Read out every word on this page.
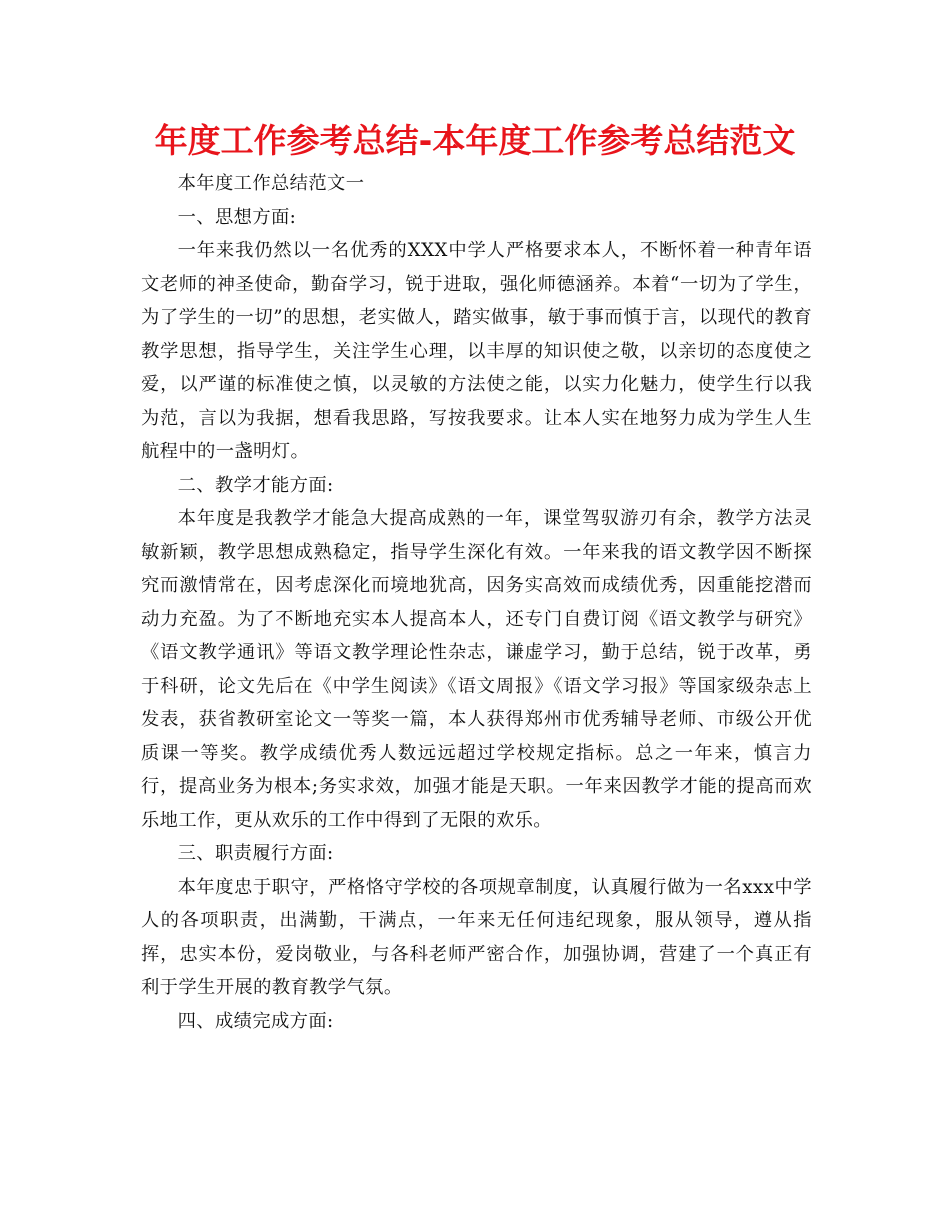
年度工作参考总结-本年度工作参考总结范文

本年度工作总结范文一

一、思想方面:

一年来我仍然以一名优秀的XXX中学人严格要求本人，不断怀着一种青年语文老师的神圣使命，勤奋学习，锐于进取，强化师德涵养。本着“一切为了学生，为了学生的一切”的思想，老实做人，踏实做事，敏于事而慎于言，以现代的教育教学思想，指导学生，关注学生心理，以丰厚的知识使之敬，以亲切的态度使之爱，以严谨的标准使之慎，以灵敏的方法使之能，以实力化魅力，使学生行以我为范，言以为我据，想看我思路，写按我要求。让本人实在地努力成为学生人生航程中的一盏明灯。

二、教学才能方面:

本年度是我教学才能急大提高成熟的一年，课堂驾驭游刃有余，教学方法灵敏新颖，教学思想成熟稳定，指导学生深化有效。一年来我的语文教学因不断探究而激情常在，因考虑深化而境地犹高，因务实高效而成绩优秀，因重能挖潜而动力充盈。为了不断地充实本人提高本人，还专门自费订阅《语文教学与研究》《语文教学通讯》等语文教学理论性杂志，谦虚学习，勤于总结，锐于改革，勇于科研，论文先后在《中学生阅读》《语文周报》《语文学习报》等国家级杂志上发表，获省教研室论文一等奖一篇，本人获得郑州市优秀辅导老师、市级公开优质课一等奖。教学成绩优秀人数远远超过学校规定指标。总之一年来，慎言力行，提高业务为根本;务实求效，加强才能是天职。一年来因教学才能的提高而欢乐地工作，更从欢乐的工作中得到了无限的欢乐。

三、职责履行方面:

本年度忠于职守，严格恪守学校的各项规章制度，认真履行做为一名xxx中学人的各项职责，出满勤，干满点，一年来无任何违纪现象，服从领导，遵从指挥，忠实本份，爱岗敬业，与各科老师严密合作，加强协调，营建了一个真正有利于学生开展的教育教学气氛。

四、成绩完成方面:
